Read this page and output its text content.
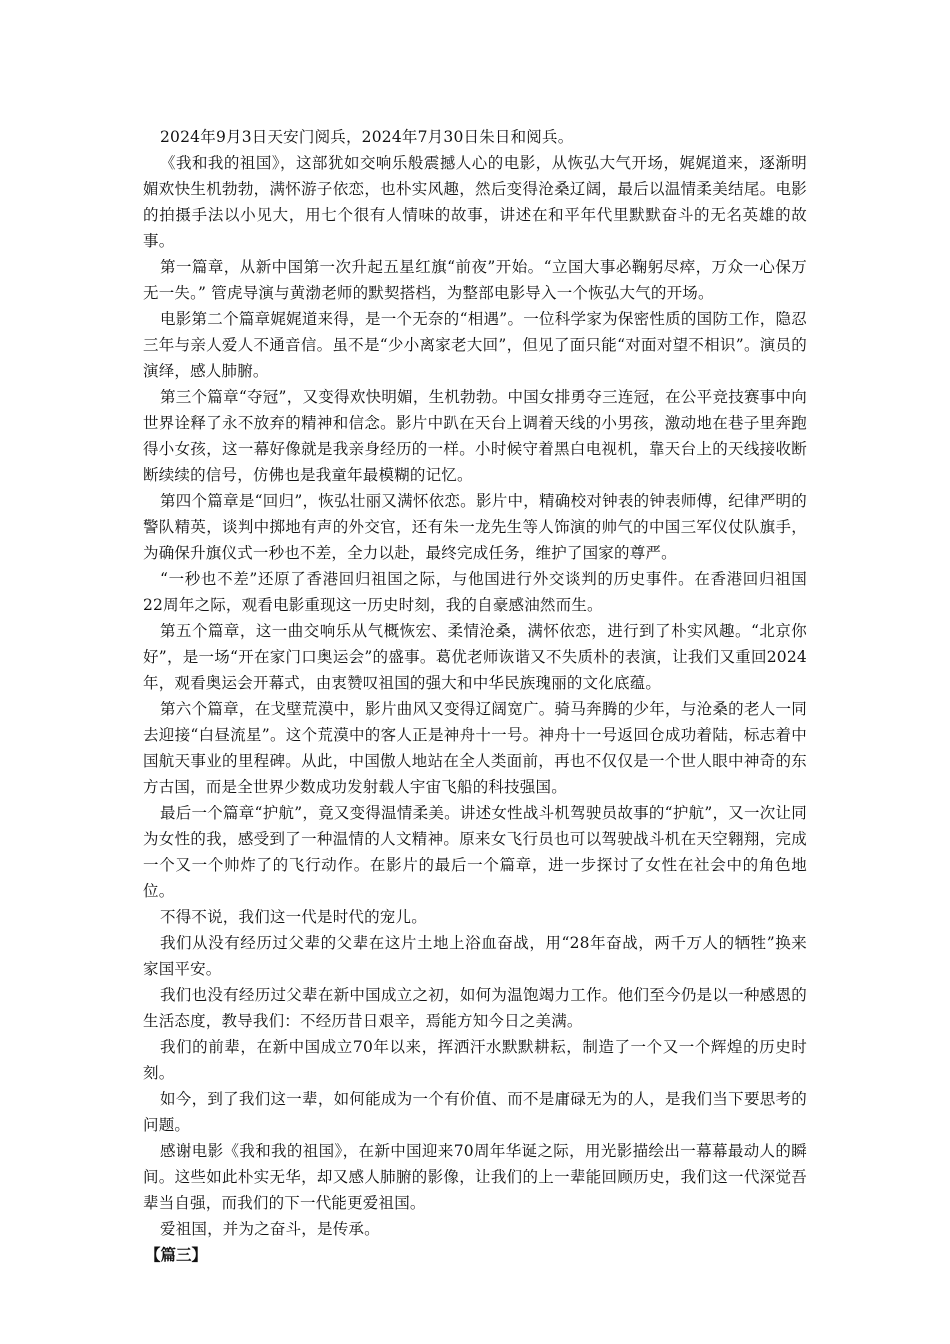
2024年9月3日天安门阅兵，2024年7月30日朱日和阅兵。

《我和我的祖国》，这部犹如交响乐般震撼人心的电影，从恢弘大气开场，娓娓道来，逐渐明媚欢快生机勃勃，满怀游子依恋，也朴实风趣，然后变得沧桑辽阔，最后以温情柔美结尾。电影的拍摄手法以小见大，用七个很有人情味的故事，讲述在和平年代里默默奋斗的无名英雄的故事。

第一篇章，从新中国第一次升起五星红旗“前夜”开始。“立国大事必鞠躬尽瘁，万众一心保万无一失。” 管虎导演与黄渤老师的默契搭档，为整部电影导入一个恢弘大气的开场。

电影第二个篇章娓娓道来得，是一个无奈的“相遇”。一位科学家为保密性质的国防工作，隐忍三年与亲人爱人不通音信。虽不是“少小离家老大回”，但见了面只能“对面对望不相识”。演员的演绎，感人肺腑。

第三个篇章“夺冠”，又变得欢快明媚，生机勃勃。中国女排勇夺三连冠，在公平竞技赛事中向世界诠释了永不放弃的精神和信念。影片中趴在天台上调着天线的小男孩，激动地在巷子里奔跑得小女孩，这一幕好像就是我亲身经历的一样。小时候守着黑白电视机，靠天台上的天线接收断断续续的信号，仿佛也是我童年最模糊的记忆。

第四个篇章是“回归”，恢弘壮丽又满怀依恋。影片中，精确校对钟表的钟表师傅，纪律严明的警队精英，谈判中掷地有声的外交官，还有朱一龙先生等人饰演的帅气的中国三军仪仗队旗手，为确保升旗仪式一秒也不差，全力以赴，最终完成任务，维护了国家的尊严。

“一秒也不差”还原了香港回归祖国之际，与他国进行外交谈判的历史事件。在香港回归祖国22周年之际，观看电影重现这一历史时刻，我的自豪感油然而生。

第五个篇章，这一曲交响乐从气概恢宏、柔情沧桑，满怀依恋，进行到了朴实风趣。“北京你好”，是一场“开在家门口奥运会”的盛事。葛优老师诙谐又不失质朴的表演，让我们又重回2024年，观看奥运会开幕式，由衷赞叹祖国的强大和中华民族瑰丽的文化底蕴。

第六个篇章，在戈壁荒漠中，影片曲风又变得辽阔宽广。骑马奔腾的少年，与沧桑的老人一同去迎接“白昼流星”。这个荒漠中的客人正是神舟十一号。神舟十一号返回仓成功着陆，标志着中国航天事业的里程碑。从此，中国傲人地站在全人类面前，再也不仅仅是一个世人眼中神奇的东方古国，而是全世界少数成功发射载人宇宙飞船的科技强国。

最后一个篇章“护航”，竟又变得温情柔美。讲述女性战斗机驾驶员故事的“护航”，又一次让同为女性的我，感受到了一种温情的人文精神。原来女飞行员也可以驾驶战斗机在天空翱翔，完成一个又一个帅炸了的飞行动作。在影片的最后一个篇章，进一步探讨了女性在社会中的角色地位。

不得不说，我们这一代是时代的宠儿。

我们从没有经历过父辈的父辈在这片土地上浴血奋战，用“28年奋战，两千万人的牺牲”换来家国平安。

我们也没有经历过父辈在新中国成立之初，如何为温饱竭力工作。他们至今仍是以一种感恩的生活态度，教导我们：不经历昔日艰辛，焉能方知今日之美满。

我们的前辈，在新中国成立70年以来，挥洒汗水默默耕耘，制造了一个又一个辉煌的历史时刻。

如今，到了我们这一辈，如何能成为一个有价值、而不是庸碌无为的人，是我们当下要思考的问题。

感谢电影《我和我的祖国》，在新中国迎来70周年华诞之际，用光影描绘出一幕幕最动人的瞬间。这些如此朴实无华，却又感人肺腑的影像，让我们的上一辈能回顾历史，我们这一代深觉吾辈当自强，而我们的下一代能更爱祖国。

爱祖国，并为之奋斗，是传承。

【篇三】
